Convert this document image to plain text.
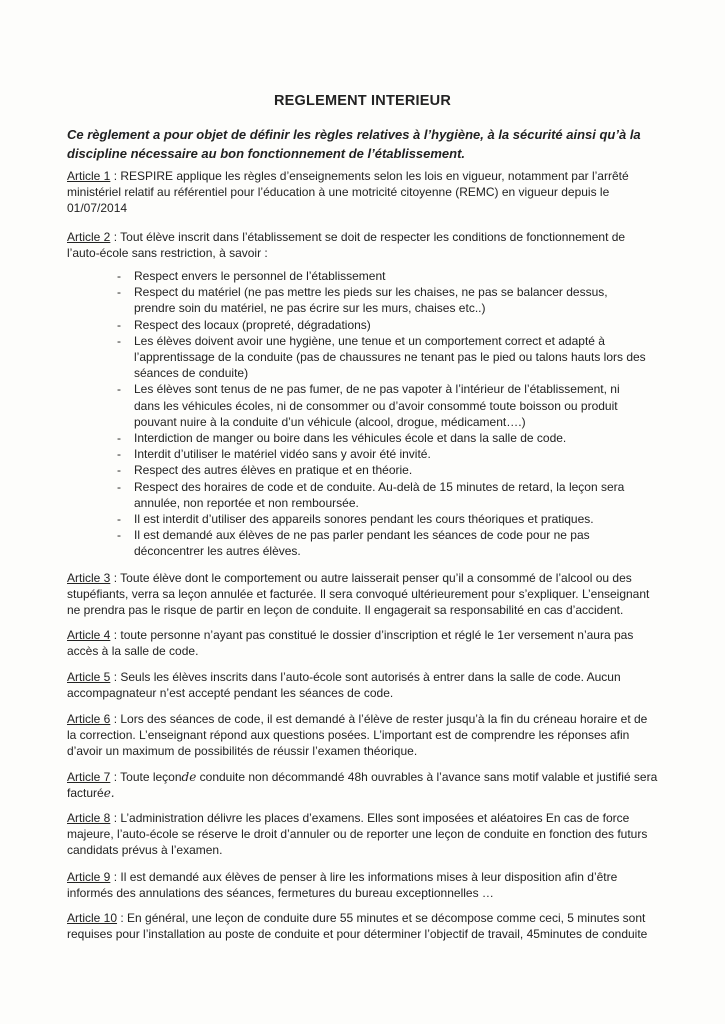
REGLEMENT INTERIEUR
Ce règlement a pour objet de définir les règles relatives à l’hygiène, à la sécurité ainsi qu’à la discipline nécessaire au bon fonctionnement de l’établissement.
Article 1 : RESPIRE applique les règles d’enseignements selon les lois en vigueur, notamment par l’arrêté ministériel relatif au référentiel pour l’éducation à une motricité citoyenne (REMC) en vigueur depuis le 01/07/2014
Article 2 : Tout élève inscrit dans l’établissement se doit de respecter les conditions de fonctionnement de l’auto-école sans restriction, à savoir :
- Respect envers le personnel de l’établissement
- Respect du matériel (ne pas mettre les pieds sur les chaises, ne pas se balancer dessus, prendre soin du matériel, ne pas écrire sur les murs, chaises etc..)
- Respect des locaux (propreté, dégradations)
- Les élèves doivent avoir une hygiène, une tenue et un comportement correct et adapté à l’apprentissage de la conduite (pas de chaussures ne tenant pas le pied ou talons hauts lors des séances de conduite)
- Les élèves sont tenus de ne pas fumer, de ne pas vapoter à l’intérieur de l’établissement, ni dans les véhicules écoles, ni de consommer ou d’avoir consommé toute boisson ou produit pouvant nuire à la conduite d’un véhicule (alcool, drogue, médicament….)
- Interdiction de manger ou boire dans les véhicules école et dans la salle de code.
- Interdit d’utiliser le matériel vidéo sans y avoir été invité.
- Respect des autres élèves en pratique et en théorie.
- Respect des horaires de code et de conduite. Au-delà de 15 minutes de retard, la leçon sera annulée, non reportée et non remboursée.
- Il est interdit d’utiliser des appareils sonores pendant les cours théoriques et pratiques.
- Il est demandé aux élèves de ne pas parler pendant les séances de code pour ne pas déconcentrer les autres élèves.
Article 3 : Toute élève dont le comportement ou autre laisserait penser qu’il a consommé de l’alcool ou des stupéfiants, verra sa leçon annulée et facturée. Il sera convoqué ultérieurement pour s’expliquer. L’enseignant ne prendra pas le risque de partir en leçon de conduite. Il engagerait sa responsabilité en cas d’accident.
Article 4 : toute personne n’ayant pas constitué le dossier d’inscription et réglé le 1er versement n’aura pas accès à la salle de code.
Article 5 : Seuls les élèves inscrits dans l’auto-école sont autorisés à entrer dans la salle de code. Aucun accompagnateur n’est accepté pendant les séances de code.
Article 6 : Lors des séances de code, il est demandé à l’élève de rester jusqu’à la fin du créneau horaire et de la correction. L’enseignant répond aux questions posées. L’important est de comprendre les réponses afin d’avoir un maximum de possibilités de réussir l’examen théorique.
Article 7 : Toute leçonde conduite non décommandé 48h ouvrables à l’avance sans motif valable et justifié sera facturée.
Article 8 : L’administration délivre les places d’examens. Elles sont imposées et aléatoires En cas de force majeure, l’auto-école se réserve le droit d’annuler ou de reporter une leçon de conduite en fonction des futurs candidats prévus à l’examen.
Article 9 : Il est demandé aux élèves de penser à lire les informations mises à leur disposition afin d’être informés des annulations des séances, fermetures du bureau exceptionnelles …
Article 10 : En général, une leçon de conduite dure 55 minutes et se décompose comme ceci, 5 minutes sont requises pour l’installation au poste de conduite et pour déterminer l’objectif de travail, 45minutes de conduite
